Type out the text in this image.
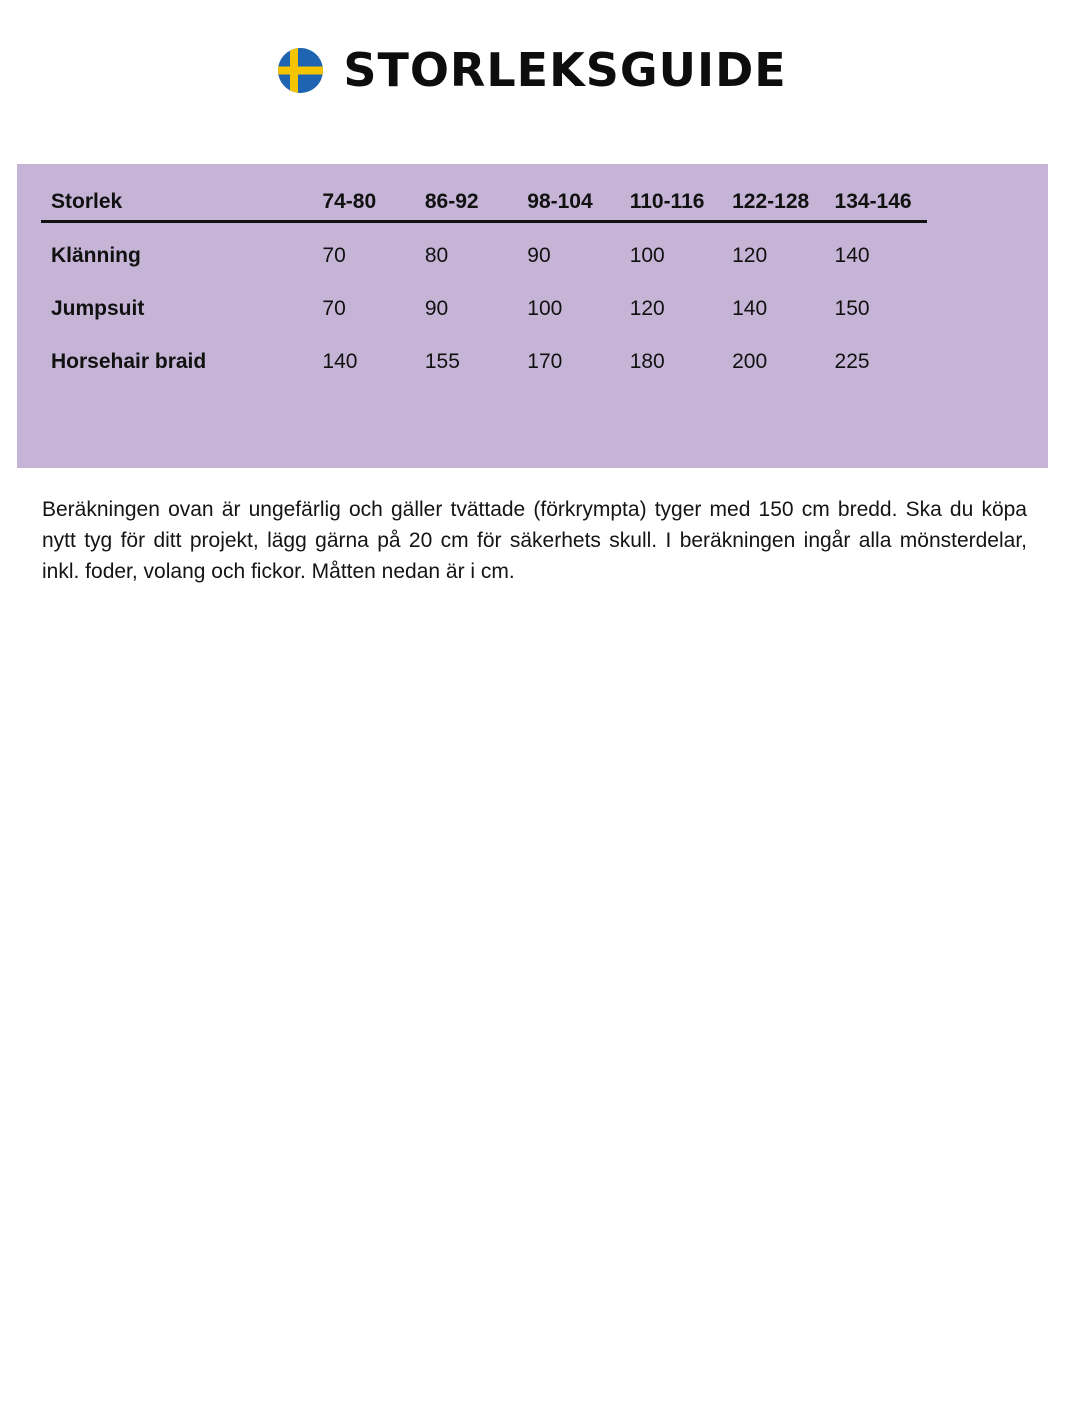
STORLEKSGUIDE
Storlek	74-80	86-92	98-104	110-116	122-128	134-146
Klänning	70	80	90	100	120	140
Jumpsuit	70	90	100	120	140	150
Horsehair braid	140	155	170	180	200	225

Beräkningen ovan är ungefärlig och gäller tvättade (förkrympta) tyger med 150 cm bredd. Ska du köpa nytt tyg för ditt projekt, lägg gärna på 20 cm för säkerhets skull. I beräkningen ingår alla mönsterdelar, inkl. foder, volang och fickor. Måtten nedan är i cm.
